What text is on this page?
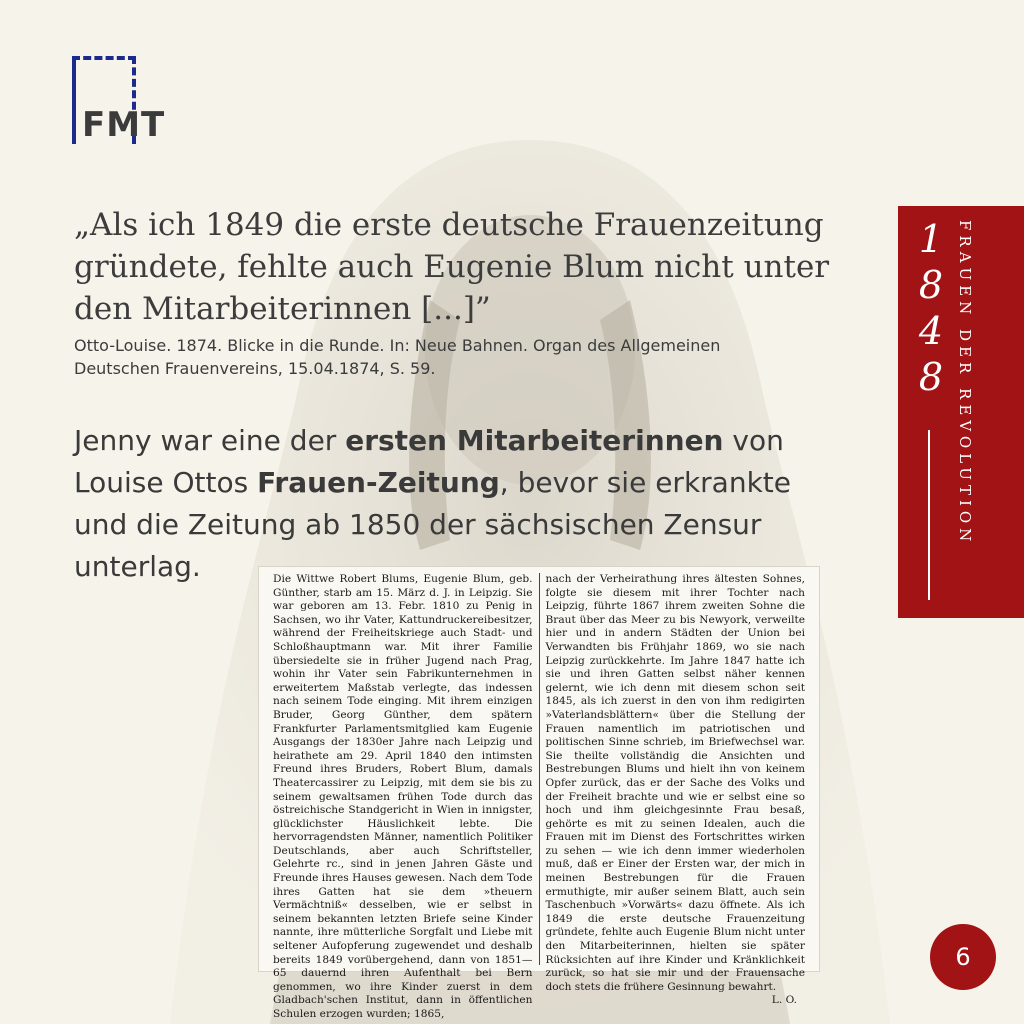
FMT
„Als ich 1849 die erste deutsche Frauenzeitung gründete, fehlte auch Eugenie Blum nicht unter den Mitarbeiterinnen [...]”
Otto-Louise. 1874. Blicke in die Runde. In: Neue Bahnen. Organ des Allgemeinen Deutschen Frauenvereins, 15.04.1874, S. 59.
Jenny war eine der ersten Mitarbeiterinnen von Louise Ottos Frauen-Zeitung, bevor sie erkrankte und die Zeitung ab 1850 der sächsischen Zensur unterlag.
1
8
4
8 FRAUEN DER REVOLUTION
Die Wittwe Robert Blums, Eugenie Blum, geb. Günther, starb am 15. März d. J. in Leipzig. Sie war geboren am 13. Febr. 1810 zu Penig in Sachsen, wo ihr Vater, Kattundruckereibesitzer, während der Freiheitskriege auch Stadt- und Schloßhauptmann war. Mit ihrer Familie übersiedelte sie in früher Jugend nach Prag, wohin ihr Vater sein Fabrikunternehmen in erweitertem Maßstab verlegte, das indessen nach seinem Tode einging. Mit ihrem einzigen Bruder, Georg Günther, dem spätern Frankfurter Parlamentsmitglied kam Eugenie Ausgangs der 1830er Jahre nach Leipzig und heirathete am 29. April 1840 den intimsten Freund ihres Bruders, Robert Blum, damals Theatercassirer zu Leipzig, mit dem sie bis zu seinem gewaltsamen frühen Tode durch das östreichische Standgericht in Wien in innigster, glücklichster Häuslichkeit lebte. Die hervorragendsten Männer, namentlich Politiker Deutschlands, aber auch Schriftsteller, Gelehrte rc., sind in jenen Jahren Gäste und Freunde ihres Hauses gewesen. Nach dem Tode ihres Gatten hat sie dem »theuern Vermächtniß« desselben, wie er selbst in seinem bekannten letzten Briefe seine Kinder nannte, ihre mütterliche Sorgfalt und Liebe mit seltener Aufopferung zugewendet und deshalb bereits 1849 vorübergehend, dann von 1851—65 dauernd ihren Aufenthalt bei Bern genommen, wo ihre Kinder zuerst in dem Gladbach'schen Institut, dann in öffentlichen Schulen erzogen wurden; 1865,
nach der Verheirathung ihres ältesten Sohnes, folgte sie diesem mit ihrer Tochter nach Leipzig, führte 1867 ihrem zweiten Sohne die Braut über das Meer zu bis Newyork, verweilte hier und in andern Städten der Union bei Verwandten bis Frühjahr 1869, wo sie nach Leipzig zurückkehrte. Im Jahre 1847 hatte ich sie und ihren Gatten selbst näher kennen gelernt, wie ich denn mit diesem schon seit 1845, als ich zuerst in den von ihm redigirten »Vaterlandsblättern« über die Stellung der Frauen namentlich im patriotischen und politischen Sinne schrieb, im Briefwechsel war. Sie theilte vollständig die Ansichten und Bestrebungen Blums und hielt ihn von keinem Opfer zurück, das er der Sache des Volks und der Freiheit brachte und wie er selbst eine so hoch und ihm gleichgesinnte Frau besaß, gehörte es mit zu seinen Idealen, auch die Frauen mit im Dienst des Fortschrittes wirken zu sehen — wie ich denn immer wiederholen muß, daß er Einer der Ersten war, der mich in meinen Bestrebungen für die Frauen ermuthigte, mir außer seinem Blatt, auch sein Taschenbuch »Vorwärts« dazu öffnete. Als ich 1849 die erste deutsche Frauenzeitung gründete, fehlte auch Eugenie Blum nicht unter den Mitarbeiterinnen, hielten sie später Rücksichten auf ihre Kinder und Kränklichkeit zurück, so hat sie mir und der Frauensache doch stets die frühere Gesinnung bewahrt.
L. O.
6
